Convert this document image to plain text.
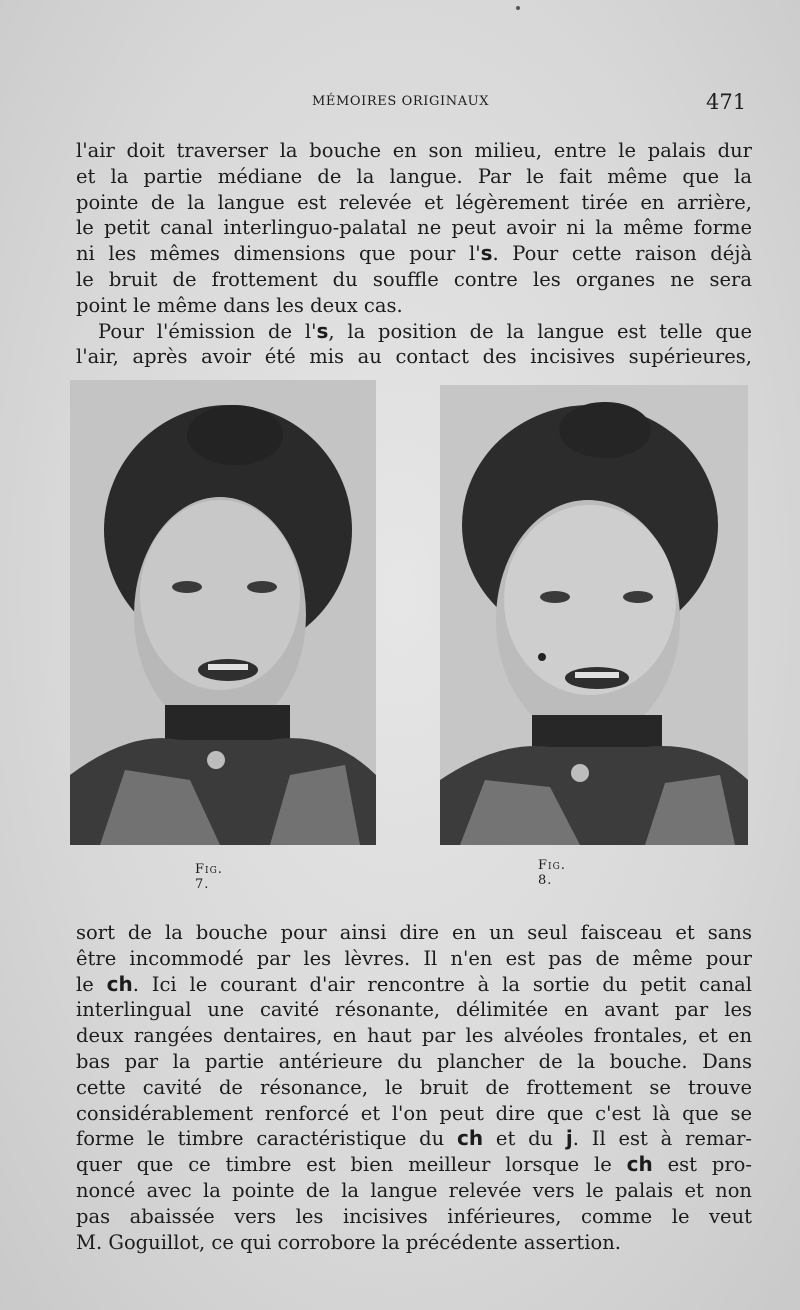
MÉMOIRES ORIGINAUX	471

l'air doit traverser la bouche en son milieu, entre le palais dur
et la partie médiane de la langue. Par le fait même que la
pointe de la langue est relevée et légèrement tirée en arrière,
le petit canal interlinguo-palatal ne peut avoir ni la même forme
ni les mêmes dimensions que pour l's. Pour cette raison déjà
le bruit de frottement du souffle contre les organes ne sera
point le même dans les deux cas.
Pour l'émission de l's, la position de la langue est telle que
l'air, après avoir été mis au contact des incisives supérieures,

Fig. 7.
Fig. 8.

sort de la bouche pour ainsi dire en un seul faisceau et sans
être incommodé par les lèvres. Il n'en est pas de même pour
le ch. Ici le courant d'air rencontre à la sortie du petit canal
interlingual une cavité résonante, délimitée en avant par les
deux rangées dentaires, en haut par les alvéoles frontales, et en
bas par la partie antérieure du plancher de la bouche. Dans
cette cavité de résonance, le bruit de frottement se trouve
considérablement renforcé et l'on peut dire que c'est là que se
forme le timbre caractéristique du ch et du j. Il est à remar-
quer que ce timbre est bien meilleur lorsque le ch est pro-
noncé avec la pointe de la langue relevée vers le palais et non
pas abaissée vers les incisives inférieures, comme le veut
M. Goguillot, ce qui corrobore la précédente assertion.
